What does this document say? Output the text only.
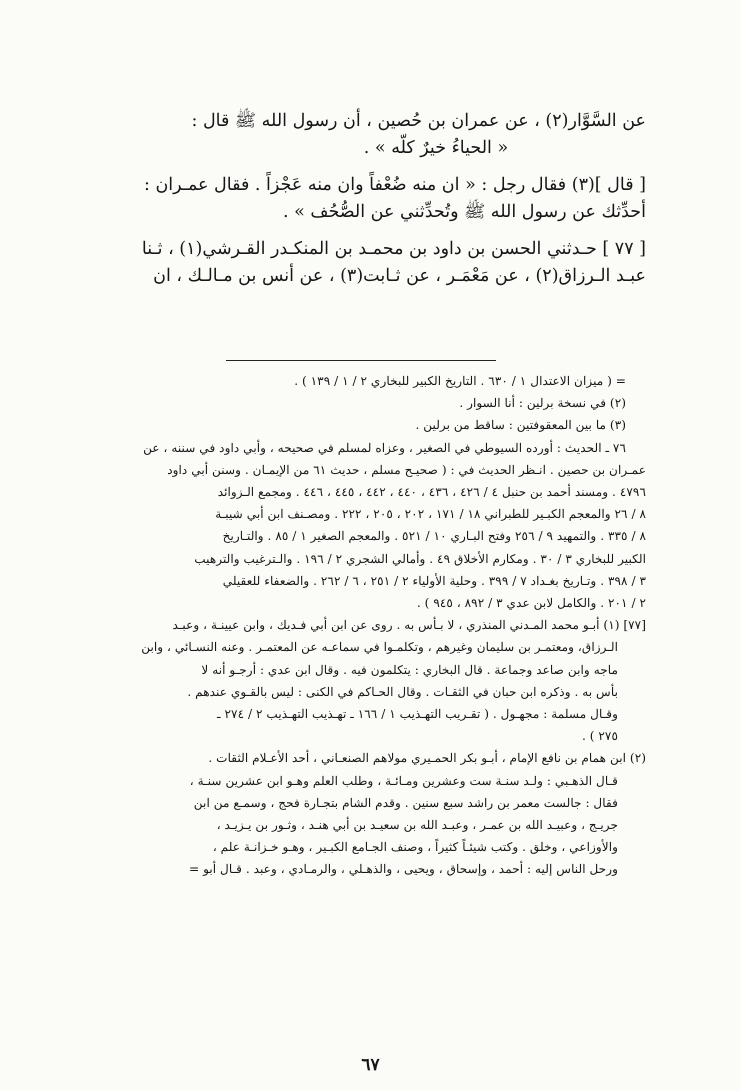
عن السَّوَّار(٢) ، عن عمران بن حُصين ، أن رسول الله ﷺ قال :

« الحياءُ خيرٌ كلّه » .

[ قال ](٣) فقال رجل : « ان منه ضُعْفاً وان منه عَجْزاً . فقال عمـران :

أحدِّثك عن رسول الله ﷺ وتُحدِّثني عن الصُّحُف » .

[ ٧٧ ] حـدثني الحسن بن داود بن محمـد بن المنكـدر القـرشي(١) ، ثـنا

عبـد الـرزاق(٢) ، عن مَعْمَـر ، عن ثـابت(٣) ، عن أنس بن مـالـك ، ان

= ( ميزان الاعتدال ١ / ٦٣٠ . التاريخ الكبير للبخاري ٢ / ١ / ١٣٩ ) .

(٢) في نسخة برلين : أنا السوار .

(٣) ما بين المعقوفتين : ساقط من برلين .

٧٦ ـ الحديث : أورده السيوطي في الصغير ، وعزاه لمسلم في صحيحه ، وأبي داود في سننه ، عن

عمـران بن حصين . انـظر الحديث في : ( صحيـح مسلم ، حديث ٦١ من الإيمـان . وسنن أبي داود

٤٧٩٦ . ومسند أحمد بن حنبل ٤ / ٤٢٦ ، ٤٣٦ ، ٤٤٠ ، ٤٤٢ ، ٤٤٥ ، ٤٤٦ . ومجمع الـزوائد

٨ / ٢٦ والمعجم الكبـير للطبراني ١٨ / ١٧١ ، ٢٠٢ ، ٢٠٥ ، ٢٢٢ . ومصـنف ابن أبي شيبـة

٨ / ٣٣٥ . والتمهيد ٩ / ٢٥٦ وفتح البـاري ١٠ / ٥٢١ . والمعجم الصغير ١ / ٨٥ . والتـاريخ

الكبير للبخاري ٣ / ٣٠ . ومكارم الأخلاق ٤٩ . وأمالي الشجري ٢ / ١٩٦ . والـترغيب والترهيب

٣ / ٣٩٨ . وتـاريخ بغـداد ٧ / ٣٩٩ . وحلية الأولياء ٢ / ٢٥١ ، ٦ / ٢٦٢ . والضعفاء للعقيلي

٢ / ٢٠١ . والكامل لابن عدي ٣ / ٨٩٢ ، ٩٤٥ ) .

[٧٧] (١) أبـو محمد المـدني المنذري ، لا بـأس به . روى عن ابن أبي فـديك ، وابن عيينـة ، وعبـد

الـرزاق، ومعتمـر بن سليمان وغيرهم ، وتكلمـوا في سماعـه عن المعتمـر . وعنه النسـائي ، وابن

ماجه وابن صاعد وجماعة . قال البخاري : يتكلمون فيه . وقال ابن عدي : أرجـو أنه لا

بأس به . وذكره ابن حبان في الثقـات . وقال الحـاكم في الكنى : ليس بالقـوي عندهم .

وقـال مسلمة : مجهـول . ( تقـريب التهـذيب ١ / ١٦٦ ـ تهـذيب التهـذيب ٢ / ٢٧٤ ـ

٢٧٥ ) .

(٢) ابن همام بن نافع الإمام ، أبـو بكر الحمـيري مولاهم الصنعـاني ، أحد الأعـلام الثقات .

قـال الذهـبي : ولـد سنـة ست وعشرين ومـائـة ، وطلب العلم وهـو ابن عشرين سنـة ،

فقال : جالست معمر بن راشد سبع سنين . وقدم الشام بتجـارة فحج ، وسمـع من ابن

جريـج ، وعبيـد الله بن عمـر ، وعبـد الله بن سعيـد بن أبي هنـد ، وثـور بن يـزيـد ،

والأوزاعي ، وخلق . وكتب شيئـاً كثيراً ، وصنف الجـامع الكبـير ، وهـو خـزانـة علم ،

ورحل الناس إليه : أحمد ، وإسحاق ، ويحيى ، والذهـلي ، والرمـادي ، وعبد . قـال أبو =

٦٧
